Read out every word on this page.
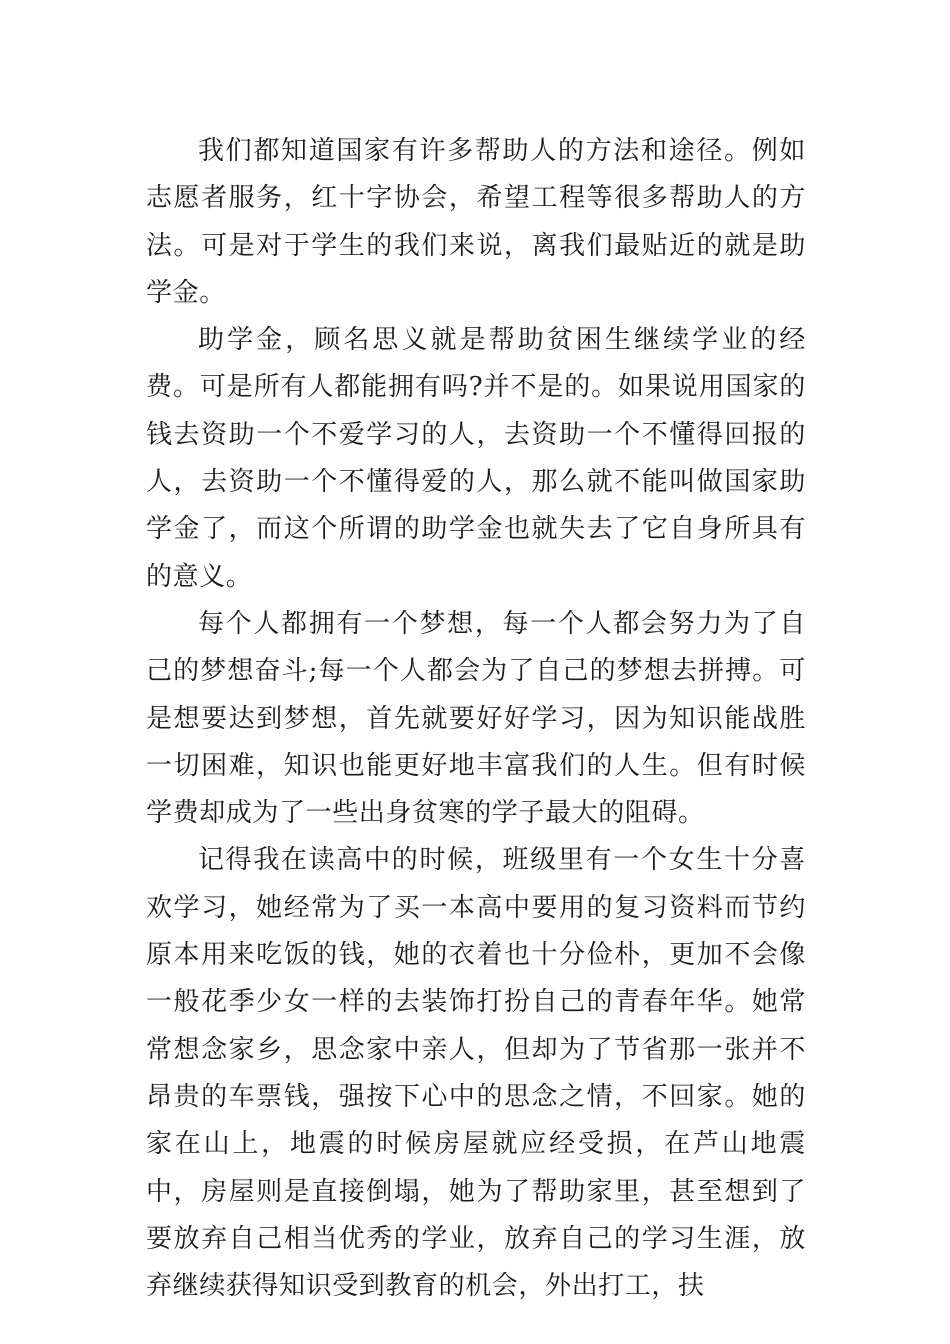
我们都知道国家有许多帮助人的方法和途径。例如志愿者服务，红十字协会，希望工程等很多帮助人的方法。可是对于学生的我们来说，离我们最贴近的就是助学金。

助学金，顾名思义就是帮助贫困生继续学业的经费。可是所有人都能拥有吗?并不是的。如果说用国家的钱去资助一个不爱学习的人，去资助一个不懂得回报的人，去资助一个不懂得爱的人，那么就不能叫做国家助学金了，而这个所谓的助学金也就失去了它自身所具有的意义。

每个人都拥有一个梦想，每一个人都会努力为了自己的梦想奋斗;每一个人都会为了自己的梦想去拼搏。可是想要达到梦想，首先就要好好学习，因为知识能战胜一切困难，知识也能更好地丰富我们的人生。但有时候学费却成为了一些出身贫寒的学子最大的阻碍。

记得我在读高中的时候，班级里有一个女生十分喜欢学习，她经常为了买一本高中要用的复习资料而节约原本用来吃饭的钱，她的衣着也十分俭朴，更加不会像一般花季少女一样的去装饰打扮自己的青春年华。她常常想念家乡，思念家中亲人，但却为了节省那一张并不昂贵的车票钱，强按下心中的思念之情，不回家。她的家在山上，地震的时候房屋就应经受损，在芦山地震中，房屋则是直接倒塌，她为了帮助家里，甚至想到了要放弃自己相当优秀的学业，放弃自己的学习生涯，放弃继续获得知识受到教育的机会，外出打工，扶
